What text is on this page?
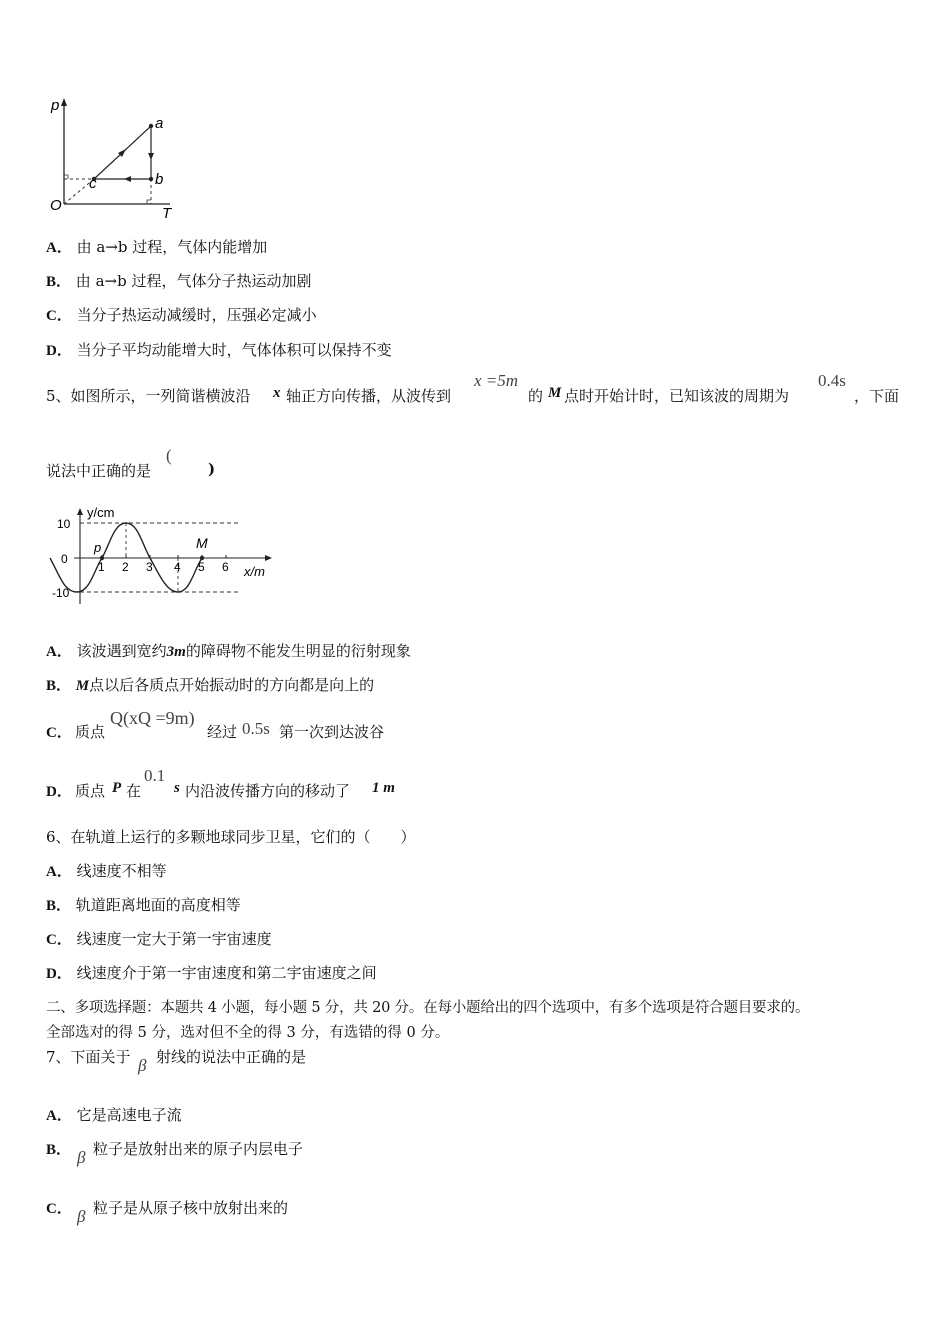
p
T
O
a
b
c
A． 由 a→b 过程，气体内能增加
B． 由 a→b 过程，气体分子热运动加剧
C． 当分子热运动减缓时，压强必定减小
D． 当分子平均动能增大时，气体体积可以保持不变
5、如图所示，一列简谐横波沿 x 轴正方向传播，从波传到
x =5m
的 M 点时开始计时，已知该波的周期为
0.4s
，下面
说法中正确的是
(
)
y/cm
x/m
10
0
-10
1 2 3 4 5 6
p	M
A． 该波遇到宽约3m的障碍物不能发生明显的衍射现象
B． M点以后各质点开始振动时的方向都是向上的
C． 质点
Q(xQ =9m)
经过 0.5s 第一次到达波谷
D． 质点 P 在
0.1
s 内沿波传播方向的移动了 1 m
6、在轨道上运行的多颗地球同步卫星，它们的（　　）
A． 线速度不相等
B． 轨道距离地面的高度相等
C． 线速度一定大于第一宇宙速度
D． 线速度介于第一宇宙速度和第二宇宙速度之间
二、多项选择题：本题共 4 小题，每小题 5 分，共 20 分。在每小题给出的四个选项中，有多个选项是符合题目要求的。
全部选对的得 5 分，选对但不全的得 3 分，有选错的得 0 分。
7、下面关于 β 射线的说法中正确的是
A． 它是高速电子流
B． β 粒子是放射出来的原子内层电子
C． β 粒子是从原子核中放射出来的
